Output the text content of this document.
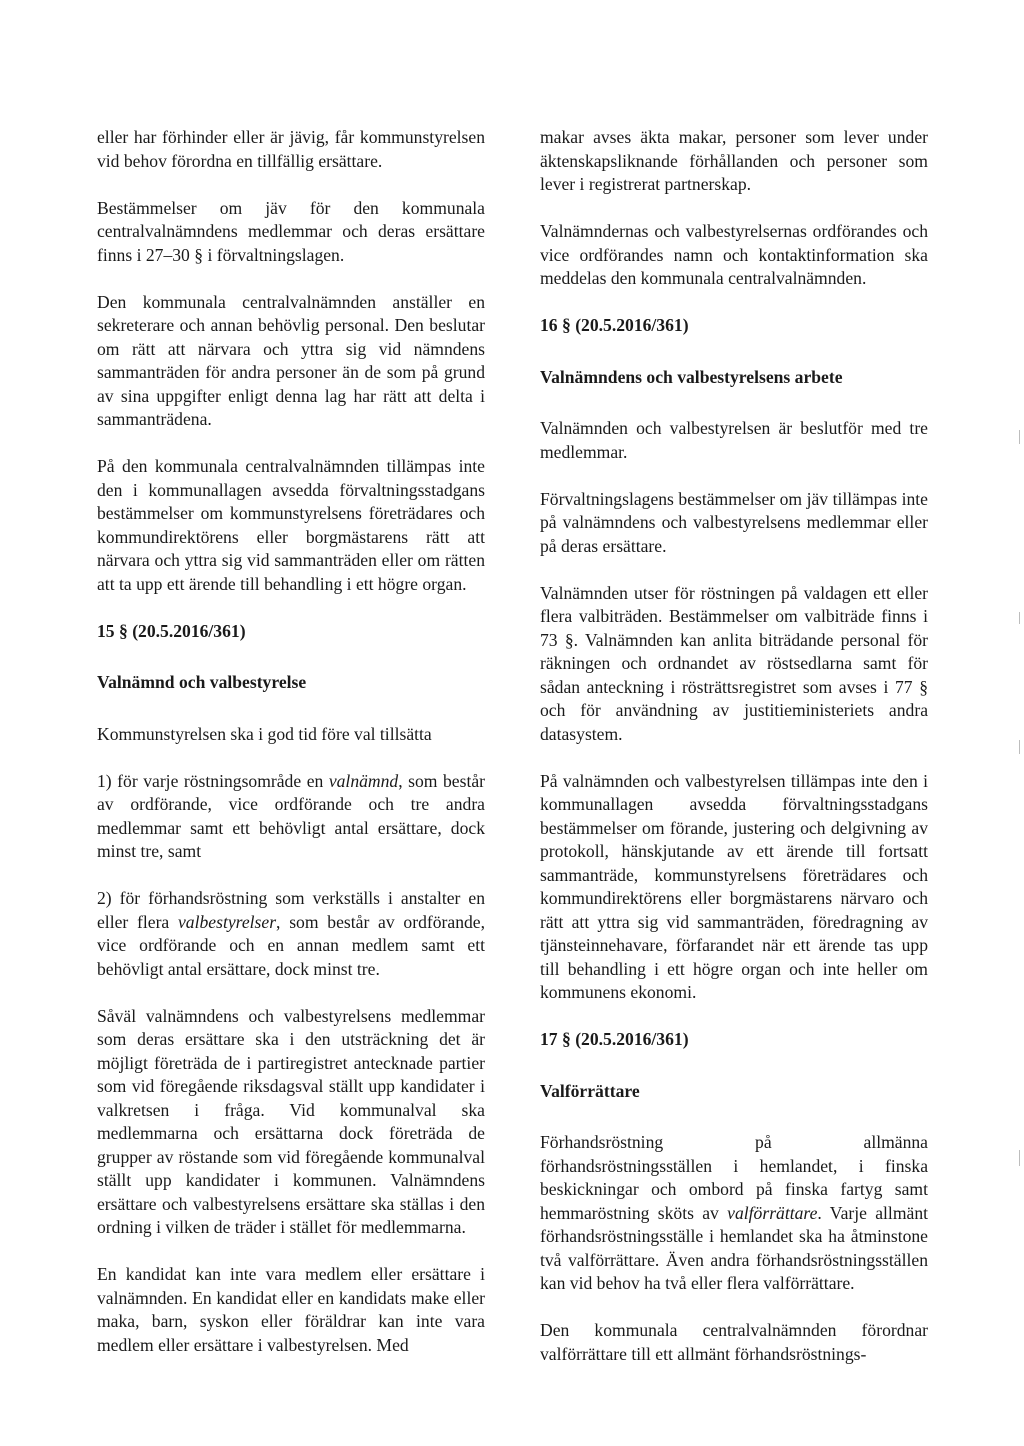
eller har förhinder eller är jävig, får kommunstyrelsen vid behov förordna en tillfällig ersättare.

Bestämmelser om jäv för den kommunala centralvalnämndens medlemmar och deras ersättare finns i 27–30 § i förvaltningslagen.

Den kommunala centralvalnämnden anställer en sekreterare och annan behövlig personal. Den beslutar om rätt att närvara och yttra sig vid nämndens sammanträden för andra personer än de som på grund av sina uppgifter enligt denna lag har rätt att delta i sammanträdena.

På den kommunala centralvalnämnden tillämpas inte den i kommunallagen avsedda förvaltningsstadgans bestämmelser om kommunstyrelsens företrädares och kommundirektörens eller borgmästarens rätt att närvara och yttra sig vid sammanträden eller om rätten att ta upp ett ärende till behandling i ett högre organ.

15 § (20.5.2016/361)

Valnämnd och valbestyrelse

Kommunstyrelsen ska i god tid före val tillsätta

1) för varje röstningsområde en valnämnd, som består av ordförande, vice ordförande och tre andra medlemmar samt ett behövligt antal ersättare, dock minst tre, samt

2) för förhandsröstning som verkställs i anstalter en eller flera valbestyrelser, som består av ordförande, vice ordförande och en annan medlem samt ett behövligt antal ersättare, dock minst tre.

Såväl valnämndens och valbestyrelsens medlemmar som deras ersättare ska i den utsträckning det är möjligt företräda de i partiregistret antecknade partier som vid föregående riksdagsval ställt upp kandidater i valkretsen i fråga. Vid kommunalval ska medlemmarna och ersättarna dock företräda de grupper av röstande som vid föregående kommunalval ställt upp kandidater i kommunen. Valnämndens ersättare och valbestyrelsens ersättare ska ställas i den ordning i vilken de träder i stället för medlemmarna.

En kandidat kan inte vara medlem eller ersättare i valnämnden. En kandidat eller en kandidats make eller maka, barn, syskon eller föräldrar kan inte vara medlem eller ersättare i valbestyrelsen. Med

makar avses äkta makar, personer som lever under äktenskapsliknande förhållanden och personer som lever i registrerat partnerskap.

Valnämndernas och valbestyrelsernas ordförandes och vice ordförandes namn och kontaktinformation ska meddelas den kommunala centralvalnämnden.

16 § (20.5.2016/361)

Valnämndens och valbestyrelsens arbete

Valnämnden och valbestyrelsen är beslutför med tre medlemmar.

Förvaltningslagens bestämmelser om jäv tillämpas inte på valnämndens och valbestyrelsens medlemmar eller på deras ersättare.

Valnämnden utser för röstningen på valdagen ett eller flera valbiträden. Bestämmelser om valbiträde finns i 73 §. Valnämnden kan anlita biträdande personal för räkningen och ordnandet av röstsedlarna samt för sådan anteckning i rösträttsregistret som avses i 77 § och för användning av justitieministeriets andra datasystem.

På valnämnden och valbestyrelsen tillämpas inte den i kommunallagen avsedda förvaltningsstadgans bestämmelser om förande, justering och delgivning av protokoll, hänskjutande av ett ärende till fortsatt sammanträde, kommunstyrelsens företrädares och kommundirektörens eller borgmästarens närvaro och rätt att yttra sig vid sammanträden, föredragning av tjänsteinnehavare, förfarandet när ett ärende tas upp till behandling i ett högre organ och inte heller om kommunens ekonomi.

17 § (20.5.2016/361)

Valförrättare

Förhandsröstning på allmänna förhandsröstningsställen i hemlandet, i finska beskickningar och ombord på finska fartyg samt hemmaröstning sköts av valförrättare. Varje allmänt förhandsröstningsställe i hemlandet ska ha åtminstone två valförrättare. Även andra förhandsröstningsställen kan vid behov ha två eller flera valförrättare.

Den kommunala centralvalnämnden förordnar valförrättare till ett allmänt förhandsröstnings-
